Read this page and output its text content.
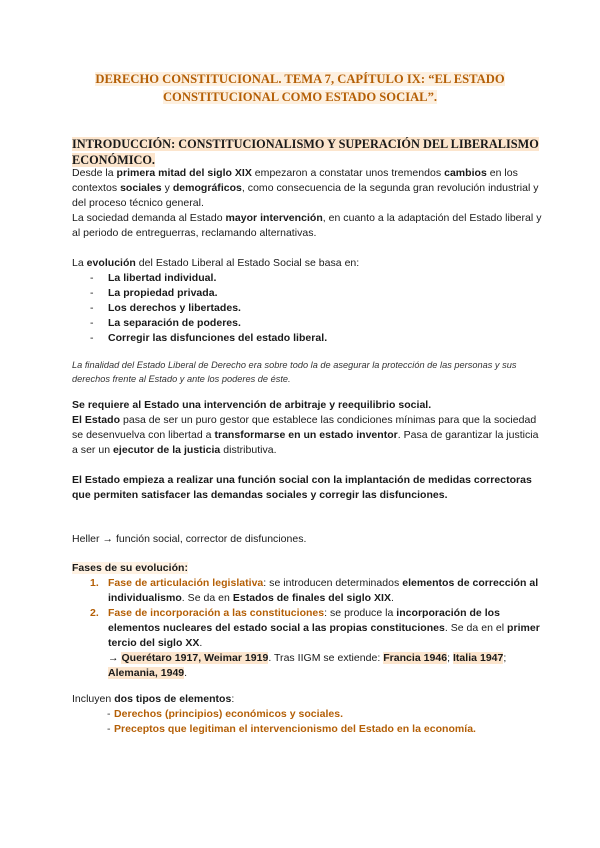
DERECHO CONSTITUCIONAL. TEMA 7, CAPÍTULO IX: “EL ESTADO
CONSTITUCIONAL COMO ESTADO SOCIAL”.
INTRODUCCIÓN: CONSTITUCIONALISMO Y SUPERACIÓN DEL LIBERALISMO
ECONÓMICO.

Desde la primera mitad del siglo XIX empezaron a constatar unos tremendos cambios en los contextos sociales y demográficos, como consecuencia de la segunda gran revolución industrial y del proceso técnico general.

La sociedad demanda al Estado mayor intervención, en cuanto a la adaptación del Estado liberal y al periodo de entreguerras, reclamando alternativas.

La evolución del Estado Liberal al Estado Social se basa en:

- La libertad individual.
- La propiedad privada.
- Los derechos y libertades.
- La separación de poderes.
- Corregir las disfunciones del estado liberal.
La finalidad del Estado Liberal de Derecho era sobre todo la de asegurar la protección de las personas y sus derechos frente al Estado y ante los poderes de éste.

Se requiere al Estado una intervención de arbitraje y reequilibrio social.

El Estado pasa de ser un puro gestor que establece las condiciones mínimas para que la sociedad se desenvuelva con libertad a transformarse en un estado inventor. Pasa de garantizar la justicia a ser un ejecutor de la justicia distributiva.

El Estado empieza a realizar una función social con la implantación de medidas correctoras que permiten satisfacer las demandas sociales y corregir las disfunciones.
Heller → función social, corrector de disfunciones.

Fases de su evolución:

1. Fase de articulación legislativa: se introducen determinados elementos de corrección al individualismo. Se da en Estados de finales del siglo XIX.
2. Fase de incorporación a las constituciones: se produce la incorporación de los elementos nucleares del estado social a las propias constituciones. Se da en el primer tercio del siglo XX.
→ Querétaro 1917, Weimar 1919. Tras IIGM se extiende: Francia 1946; Italia 1947; Alemania, 1949.

Incluyen dos tipos de elementos:

- Derechos (principios) económicos y sociales.
- Preceptos que legitiman el intervencionismo del Estado en la economía.
